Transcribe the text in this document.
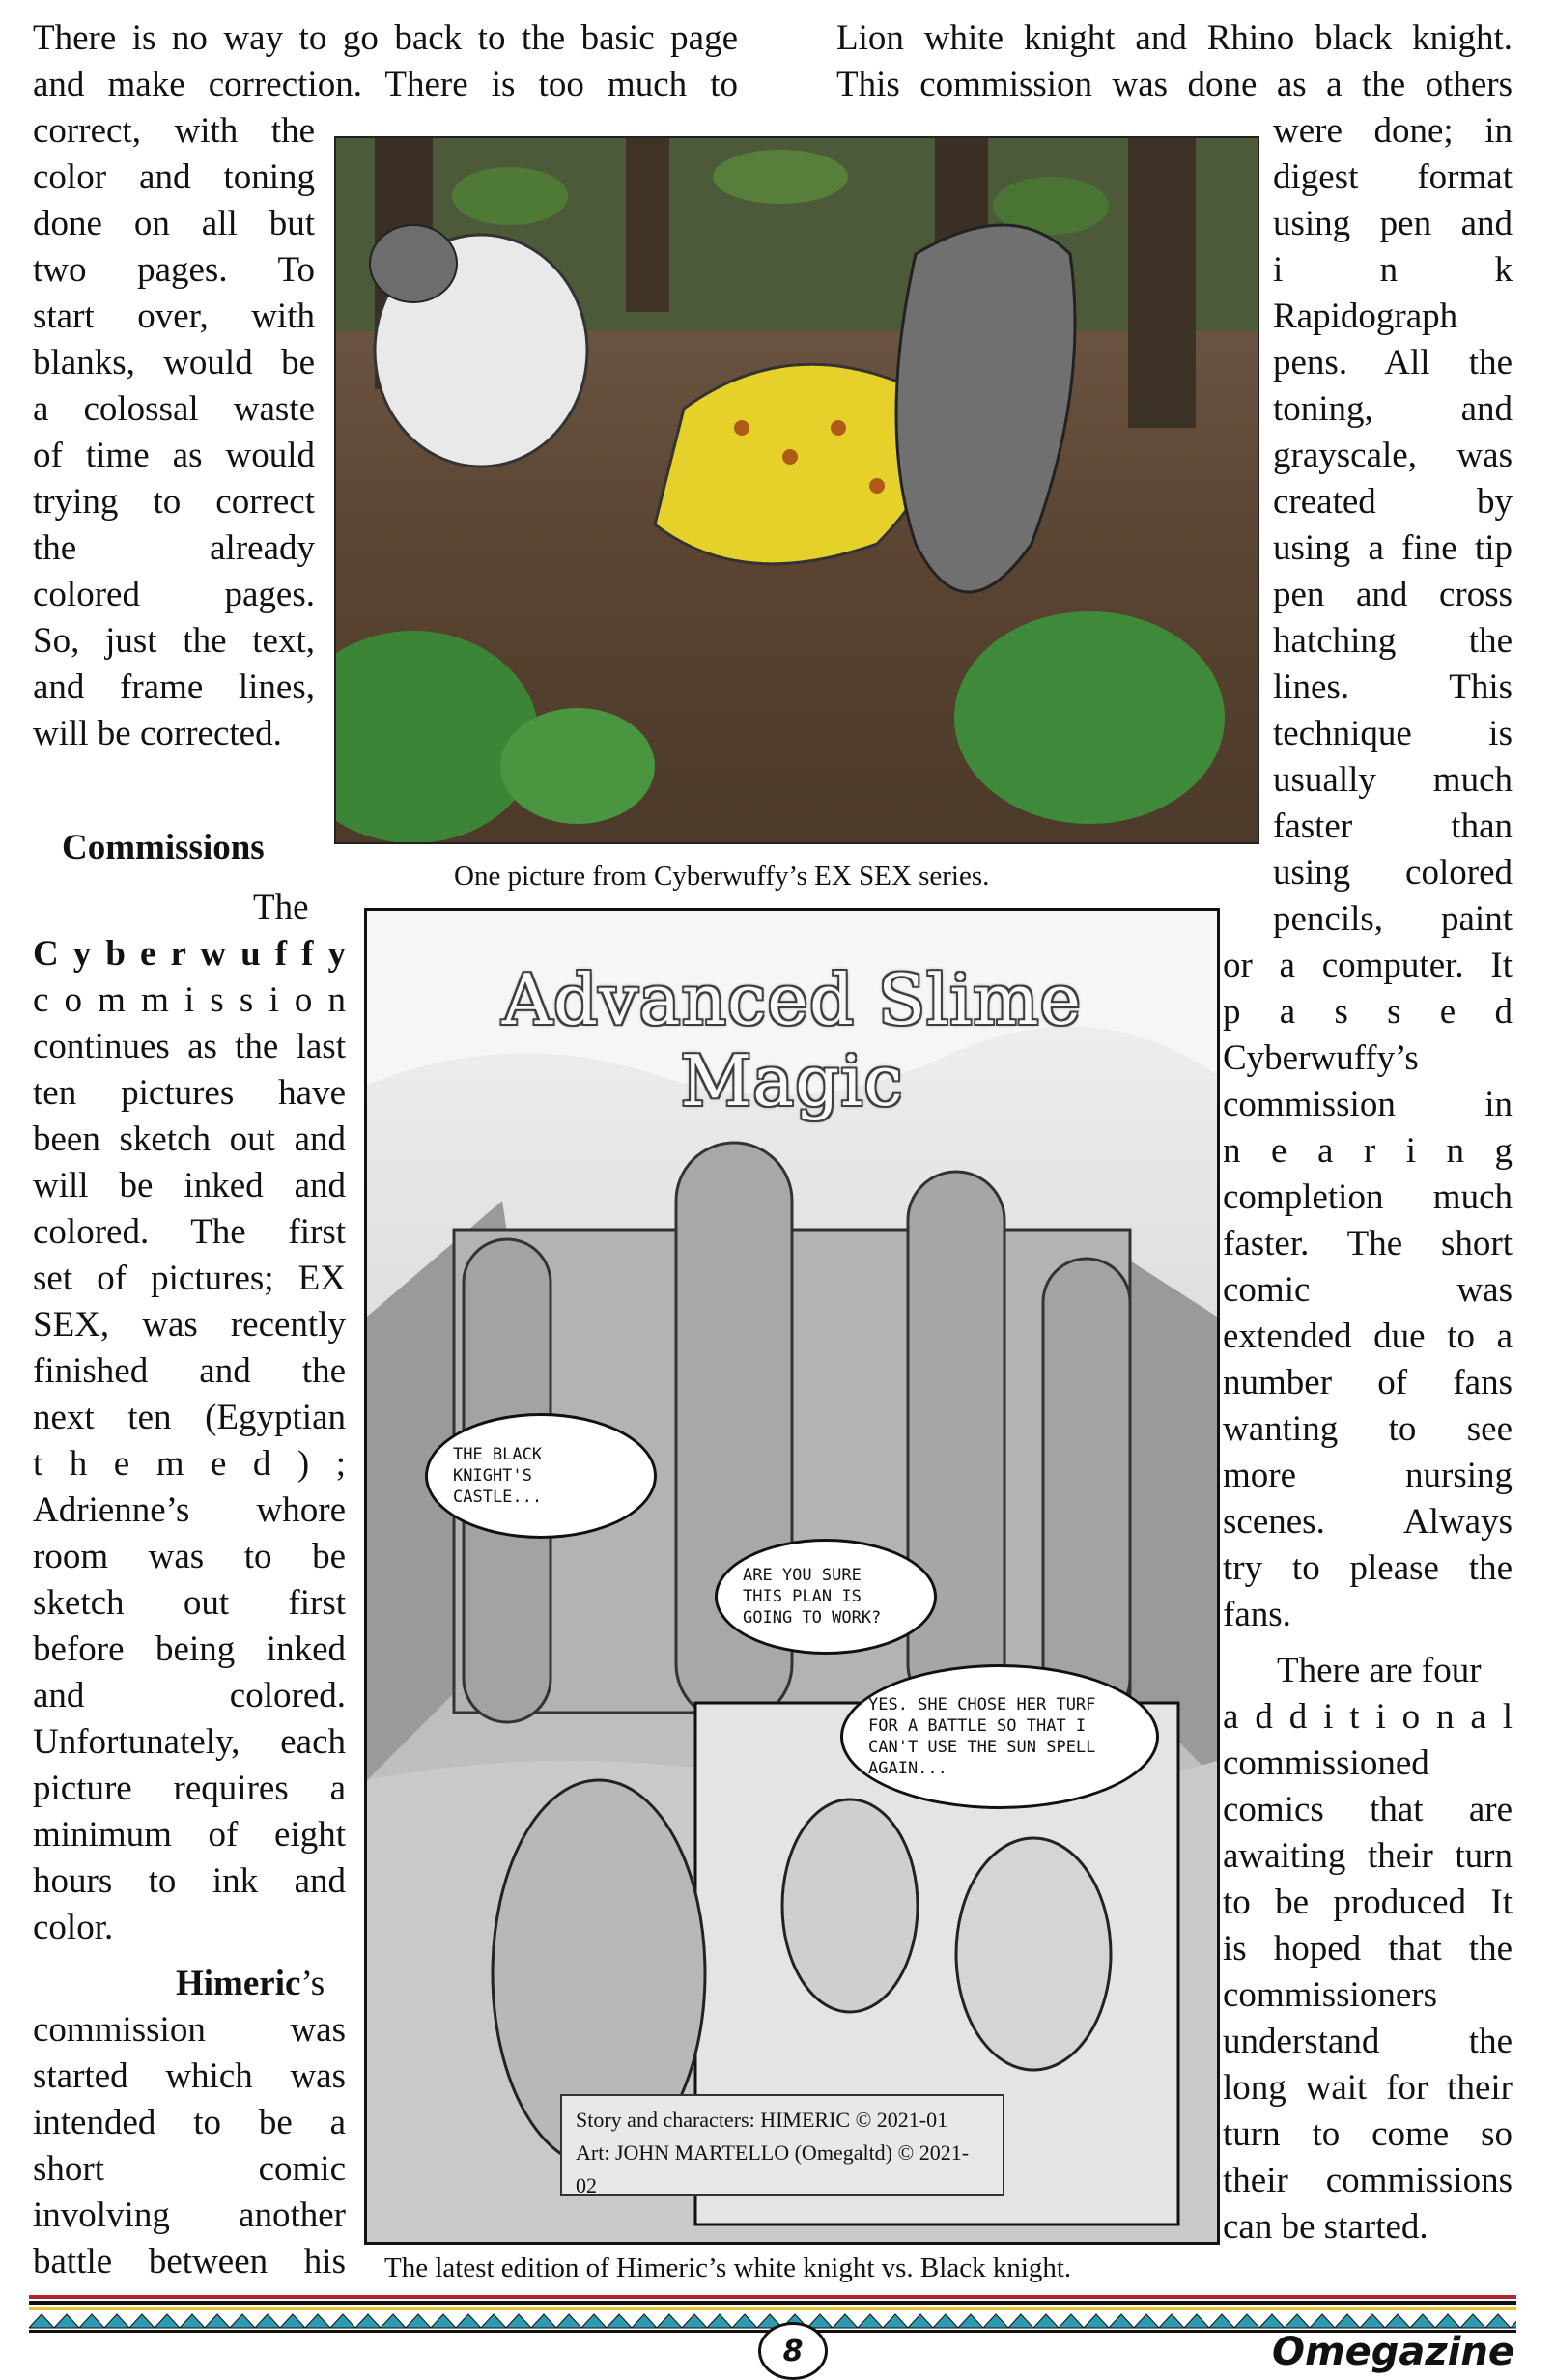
There is no way to go back to the basic page
and make correction. There is too much to
correct, with the
color and toning
done on all but
two pages. To
start over, with
blanks, would be
a colossal waste
of time as would
trying to correct
the already
colored pages.
So, just the text,
and frame lines,
will be corrected.
Lion white knight and Rhino black knight.
This commission was done as a the others
were done; in
digest format
using pen and
i n k
Rapidograph
pens. All the
toning, and
grayscale, was
created by
using a fine tip
pen and cross
hatching the
lines. This
technique is
usually much
faster than
using colored
pencils, paint
or a computer. It
p a s s e d
Cyberwuffy’s
commission in
n e a r i n g
completion much
faster. The short
comic was
extended due to a
number of fans
wanting to see
more nursing
scenes. Always
try to please the
fans.
There are four
a d d i t i o n a l
commissioned
comics that are
awaiting their turn
to be produced It
is hoped that the
commissioners
understand the
long wait for their
turn to come so
their commissions
can be started.
Commissions
The
C y b e r w u f f y
c o m m i s s i o n
continues as the last
ten pictures have
been sketch out and
will be inked and
colored. The first
set of pictures; EX
SEX, was recently
finished and the
next ten (Egyptian
t h e m e d ) ;
Adrienne’s whore
room was to be
sketch out first
before being inked
and colored.
Unfortunately, each
picture requires a
minimum of eight
hours to ink and
color.
Himeric’s
commission was
started which was
intended to be a
short comic
involving another
battle between his
One picture from Cyberwuffy’s EX SEX series.
Advanced Slime Magic
THE BLACK KNIGHT'S CASTLE...
ARE YOU SURE THIS PLAN IS GOING TO WORK?
YES. SHE CHOSE HER TURF FOR A BATTLE SO THAT I CAN'T USE THE SUN SPELL AGAIN...
Story and characters: HIMERIC © 2021-01
Art: JOHN MARTELLO (Omegaltd) © 2021-02
The latest edition of Himeric’s white knight vs. Black knight.
8	Omegazine
